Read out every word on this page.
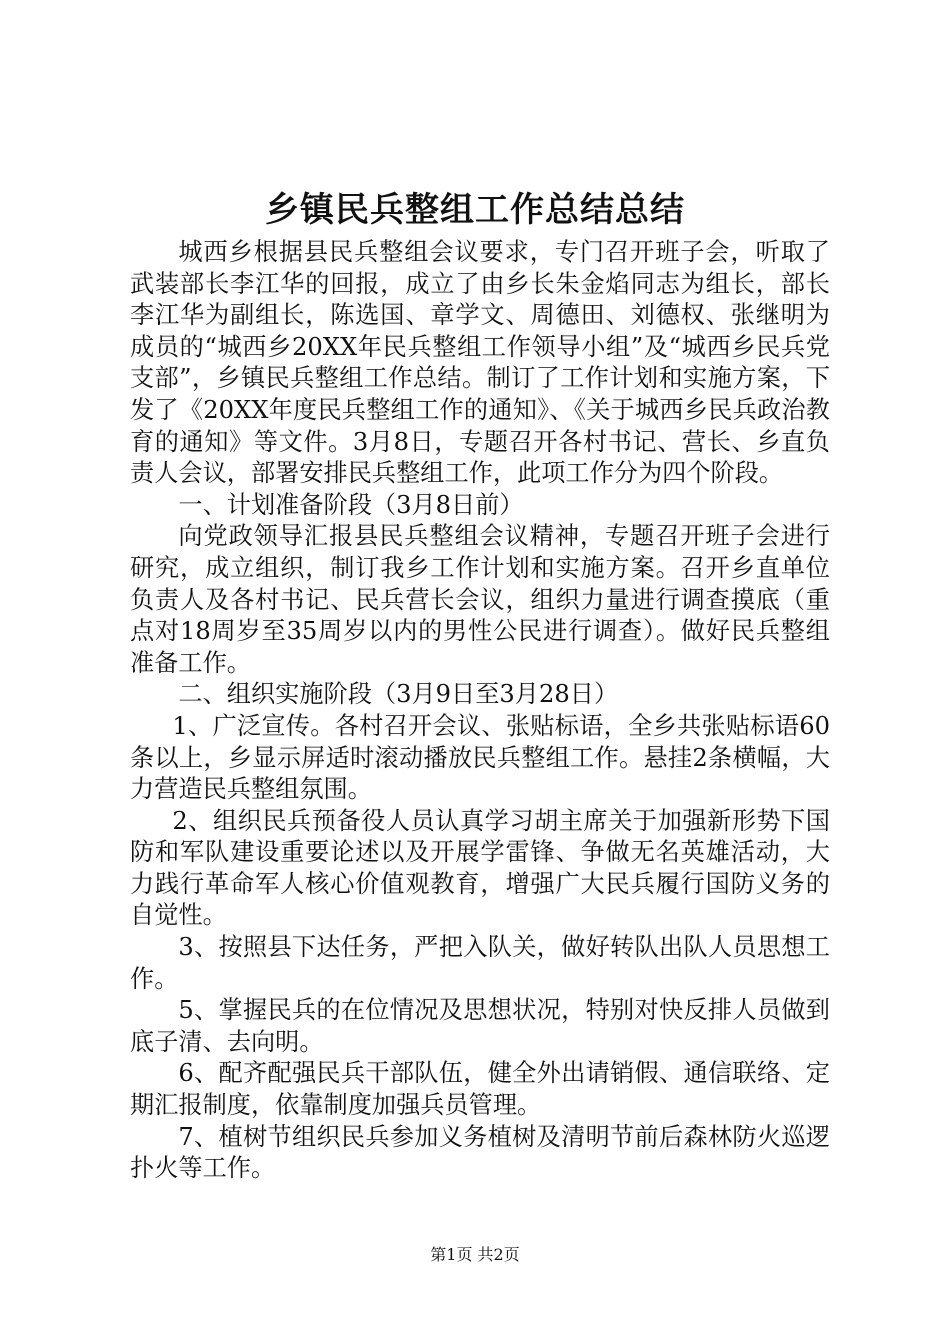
乡镇民兵整组工作总结总结

城西乡根据县民兵整组会议要求，专门召开班子会，听取了武装部长李江华的回报，成立了由乡长朱金焰同志为组长，部长李江华为副组长，陈选国、章学文、周德田、刘德权、张继明为成员的“城西乡20XX年民兵整组工作领导小组”及“城西乡民兵党支部”，乡镇民兵整组工作总结。制订了工作计划和实施方案，下发了《20XX年度民兵整组工作的通知》、《关于城西乡民兵政治教育的通知》等文件。3月8日，专题召开各村书记、营长、乡直负责人会议，部署安排民兵整组工作，此项工作分为四个阶段。

一、计划准备阶段（3月8日前）

向党政领导汇报县民兵整组会议精神，专题召开班子会进行研究，成立组织，制订我乡工作计划和实施方案。召开乡直单位负责人及各村书记、民兵营长会议，组织力量进行调查摸底（重点对18周岁至35周岁以内的男性公民进行调查）。做好民兵整组准备工作。

二、组织实施阶段（3月9日至3月28日）

1、广泛宣传。各村召开会议、张贴标语，全乡共张贴标语60条以上，乡显示屏适时滚动播放民兵整组工作。悬挂2条横幅，大力营造民兵整组氛围。

2、组织民兵预备役人员认真学习胡主席关于加强新形势下国防和军队建设重要论述以及开展学雷锋、争做无名英雄活动，大力践行革命军人核心价值观教育，增强广大民兵履行国防义务的自觉性。

3、按照县下达任务，严把入队关，做好转队出队人员思想工作。

5、掌握民兵的在位情况及思想状况，特别对快反排人员做到底子清、去向明。

6、配齐配强民兵干部队伍，健全外出请销假、通信联络、定期汇报制度，依靠制度加强兵员管理。

7、植树节组织民兵参加义务植树及清明节前后森林防火巡逻扑火等工作。

第1页 共2页
